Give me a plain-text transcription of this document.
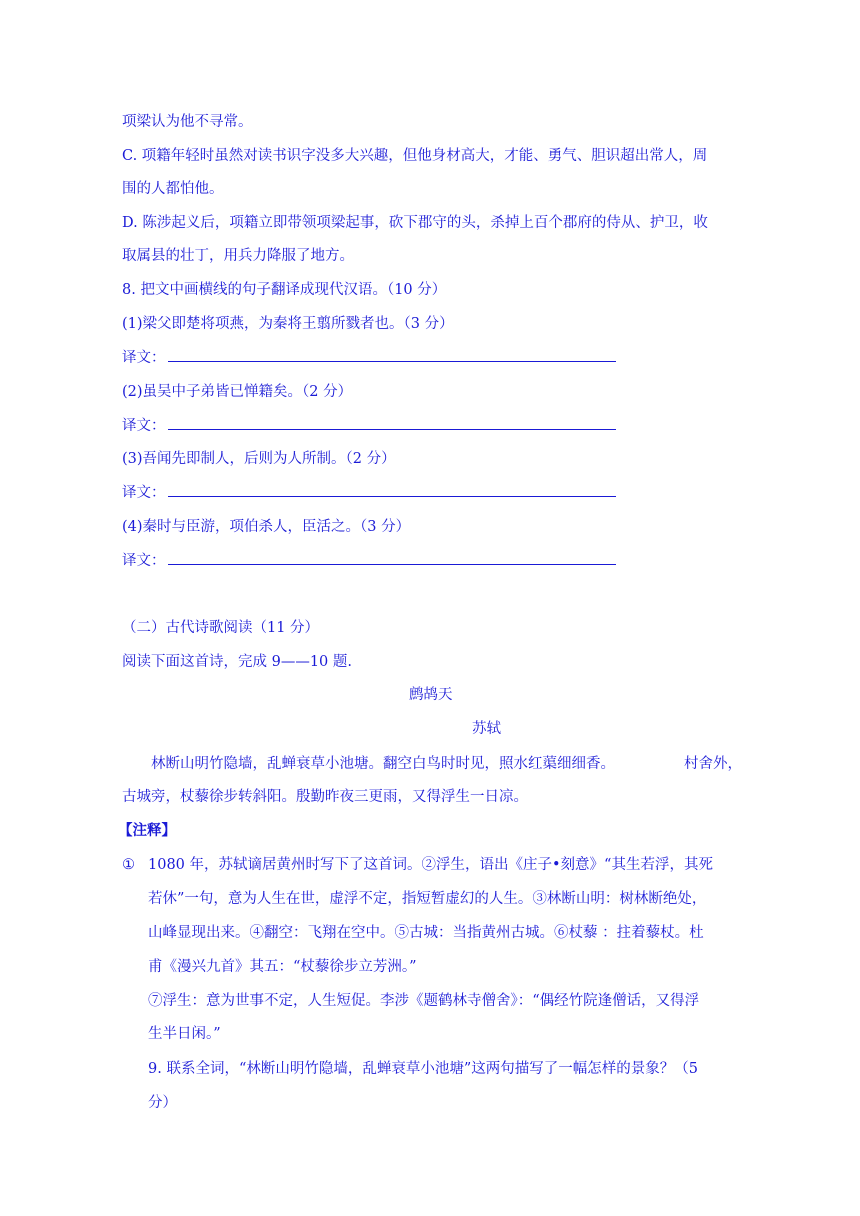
项梁认为他不寻常。
C. 项籍年轻时虽然对读书识字没多大兴趣，但他身材高大，才能、勇气、胆识超出常人，周
围的人都怕他。
D. 陈涉起义后，项籍立即带领项梁起事，砍下郡守的头，杀掉上百个郡府的侍从、护卫，收
取属县的壮丁，用兵力降服了地方。
8. 把文中画横线的句子翻译成现代汉语。（10 分）
(1)梁父即楚将项燕，为秦将王翦所戮者也。（3 分）
译文：
(2)虽吴中子弟皆已惮籍矣。（2 分）
译文：
(3)吾闻先即制人，后则为人所制。（2 分）
译文：
(4)秦时与臣游，项伯杀人，臣活之。（3 分）
译文：
（二）古代诗歌阅读（11 分）
阅读下面这首诗，完成 9——10 题.
鹧鸪天
苏轼
林断山明竹隐墙，乱蝉衰草小池塘。翻空白鸟时时见，照水红蕖细细香。	村舍外，
古城旁，杖藜徐步转斜阳。殷勤昨夜三更雨，又得浮生一日凉。
【注释】
① 1080 年，苏轼谪居黄州时写下了这首词。②浮生，语出《庄子•刻意》“其生若浮，其死
若休”一句，意为人生在世，虚浮不定，指短暂虚幻的人生。③林断山明：树林断绝处，
山峰显现出来。④翻空：飞翔在空中。⑤古城：当指黄州古城。⑥杖藜 ：拄着藜杖。杜
甫《漫兴九首》其五：“杖藜徐步立芳洲。”
⑦浮生：意为世事不定，人生短促。李涉《题鹤林寺僧舍》：“偶经竹院逢僧话，又得浮
生半日闲。”
9. 联系全词，“林断山明竹隐墙，乱蝉衰草小池塘”这两句描写了一幅怎样的景象？（5
分）
